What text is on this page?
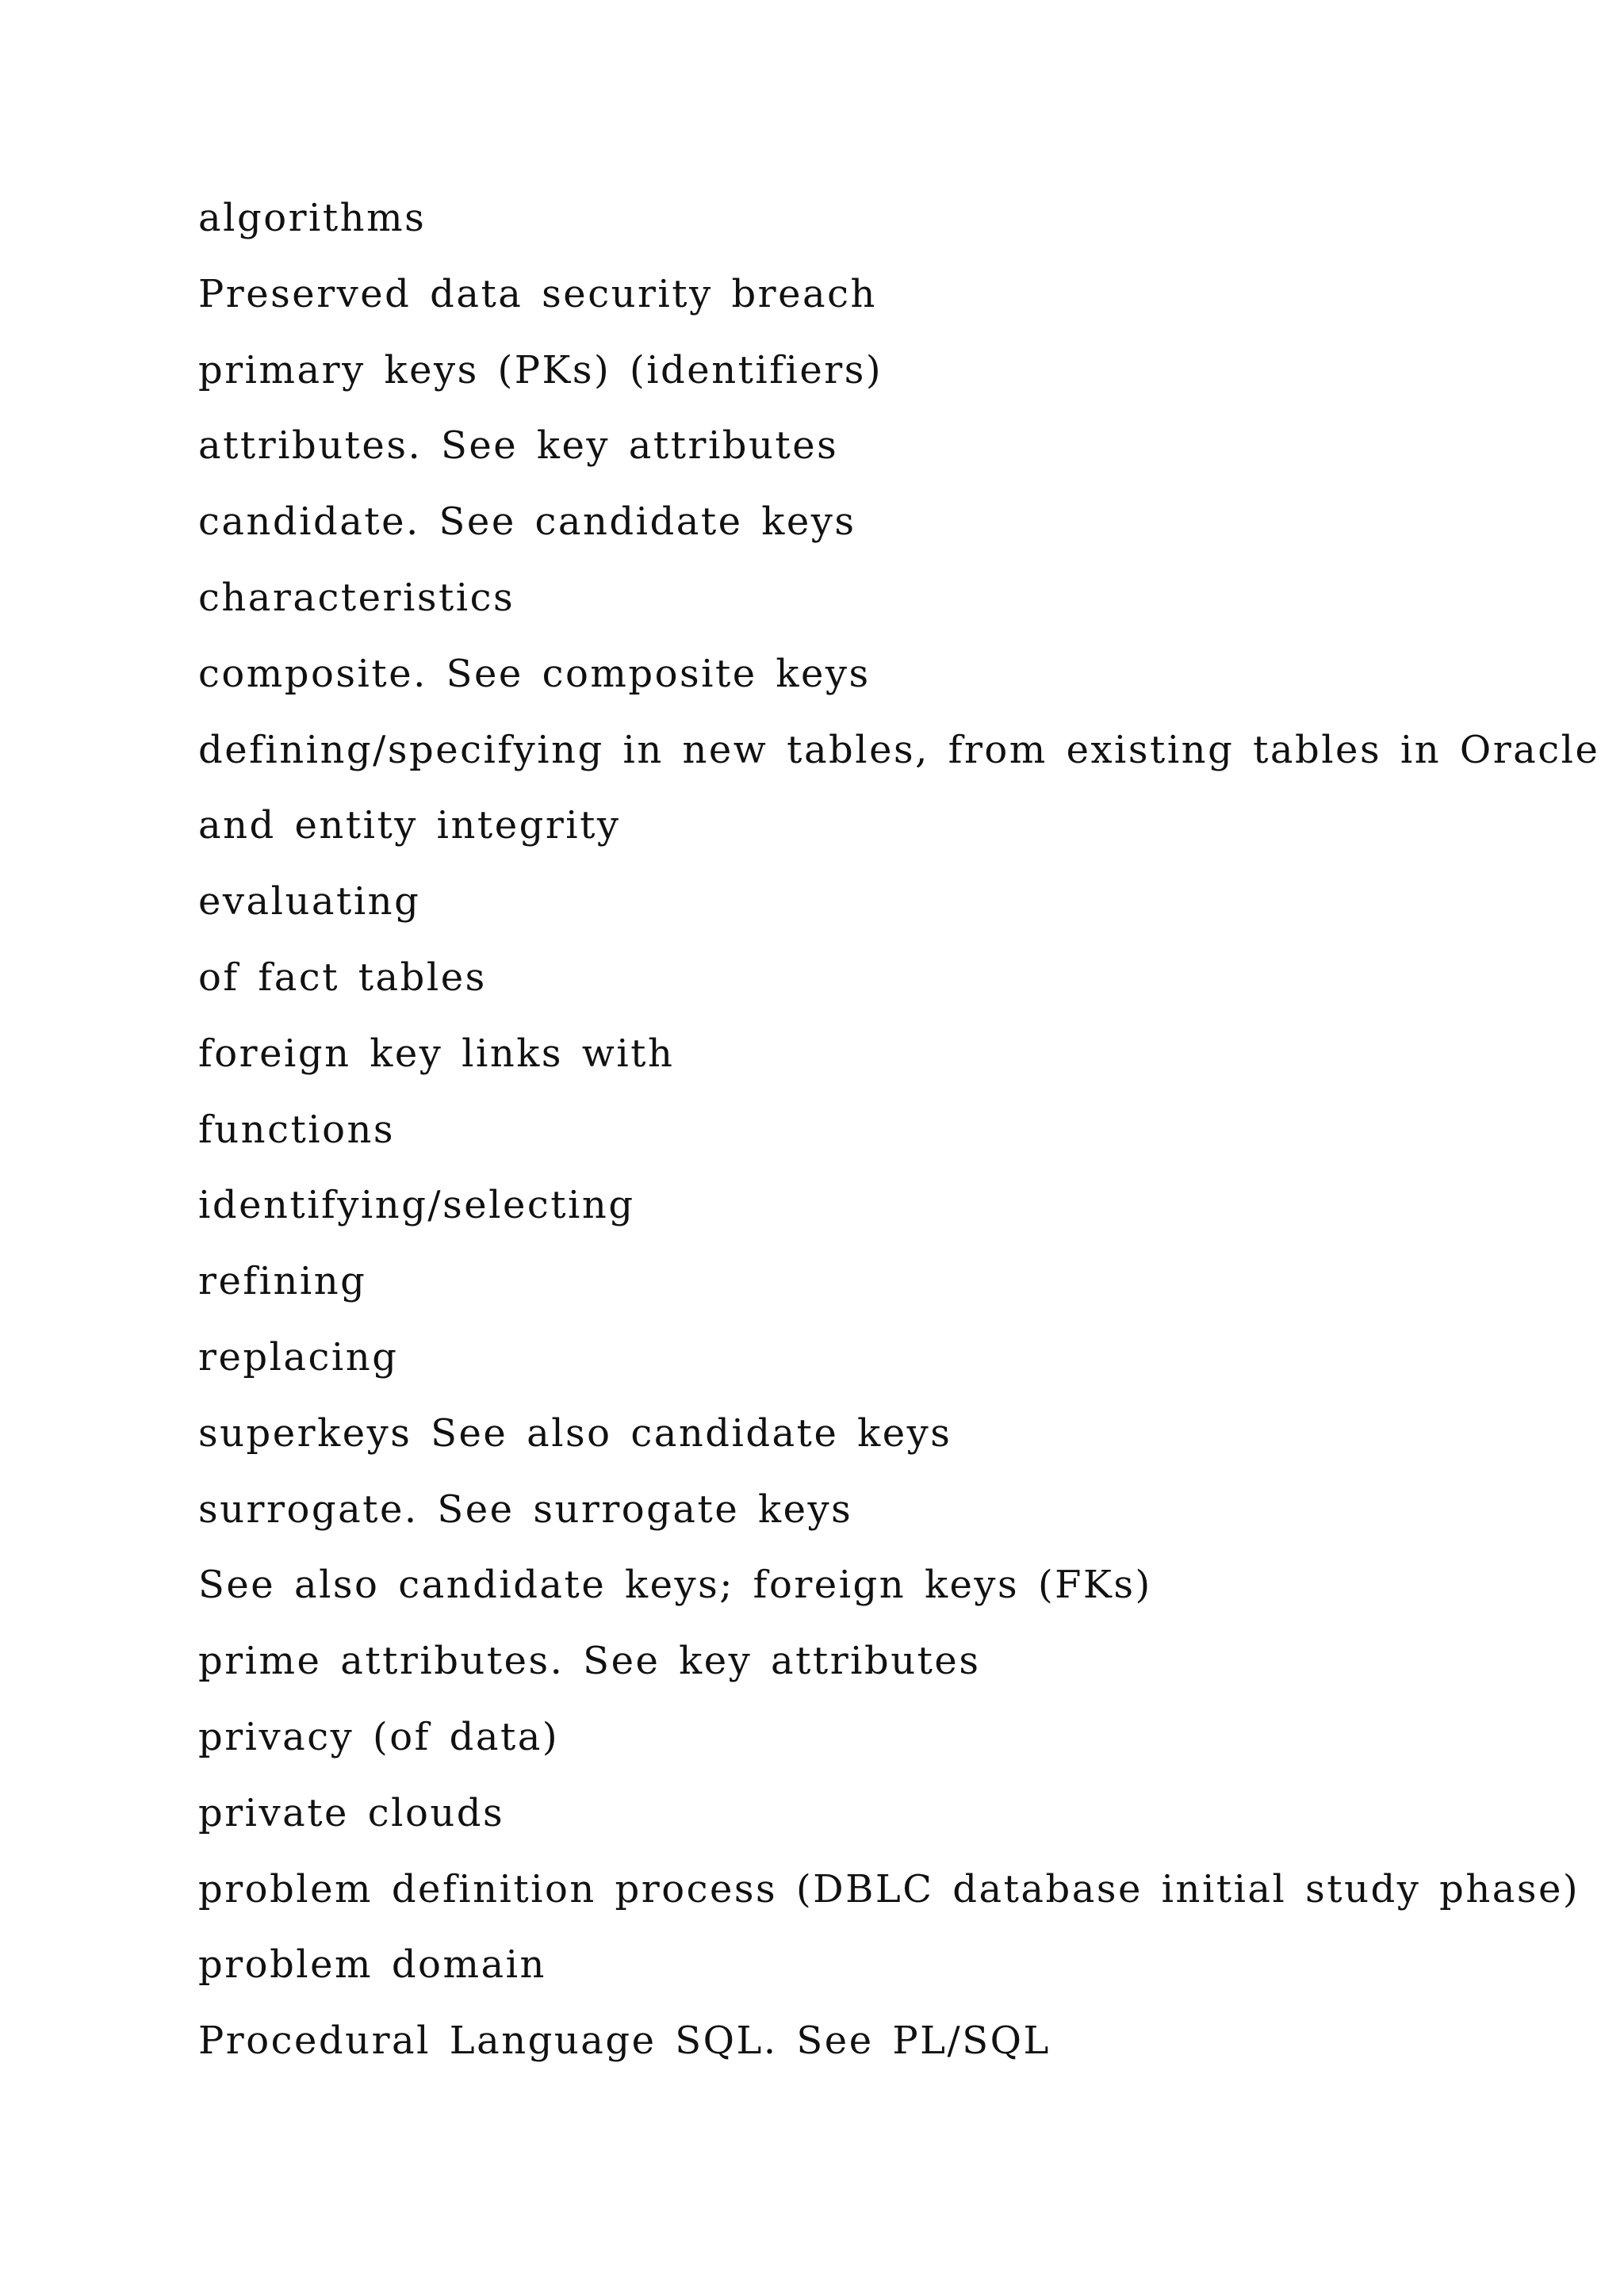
algorithms
Preserved data security breach
primary keys (PKs) (identifiers)
attributes. See key attributes
candidate. See candidate keys
characteristics
composite. See composite keys
defining/specifying in new tables, from existing tables in Oracle
and entity integrity
evaluating
of fact tables
foreign key links with
functions
identifying/selecting
refining
replacing
superkeys See also candidate keys
surrogate. See surrogate keys
See also candidate keys; foreign keys (FKs)
prime attributes. See key attributes
privacy (of data)
private clouds
problem definition process (DBLC database initial study phase)
problem domain
Procedural Language SQL. See PL/SQL
